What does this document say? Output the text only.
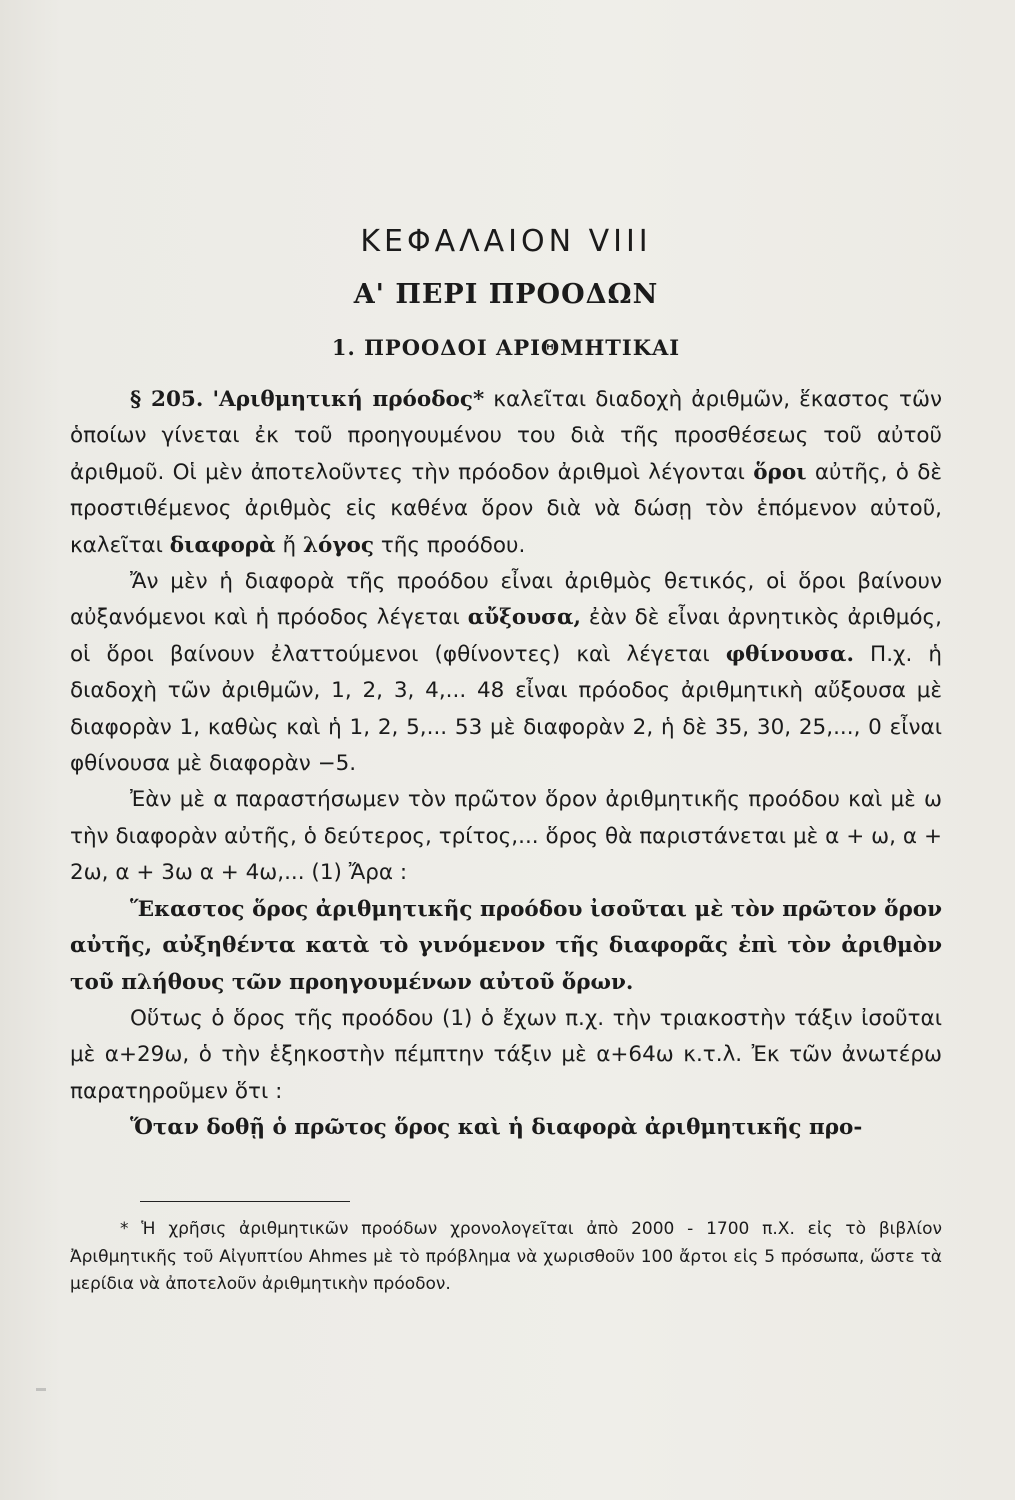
ΚΕΦΑΛΑΙΟΝ VIII
Α' ΠΕΡΙ ΠΡΟΟΔΩΝ
1. ΠΡΟΟΔΟΙ ΑΡΙΘΜΗΤΙΚΑΙ

§ 205. 'Αριθμητική πρόοδος* καλεῖται διαδοχὴ ἀριθμῶν, ἕκαστος τῶν ὁποίων γίνεται ἐκ τοῦ προηγουμένου του διὰ τῆς προσθέσεως τοῦ αὐτοῦ ἀριθμοῦ. Οἱ μὲν ἀποτελοῦντες τὴν πρόοδον ἀριθμοὶ λέγονται ὅροι αὐτῆς, ὁ δὲ προστιθέμενος ἀριθμὸς εἰς καθένα ὅρον διὰ νὰ δώσῃ τὸν ἑπόμενον αὐτοῦ, καλεῖται διαφορὰ ἤ λόγος τῆς προόδου.

Ἄν μὲν ἡ διαφορὰ τῆς προόδου εἶναι ἀριθμὸς θετικός, οἱ ὅροι βαίνουν αὐξανόμενοι καὶ ἡ πρόοδος λέγεται αὔξουσα, ἐὰν δὲ εἶναι ἀρνητικὸς ἀριθμός, οἱ ὅροι βαίνουν ἐλαττούμενοι (φθίνοντες) καὶ λέγεται φθίνουσα. Π.χ. ἡ διαδοχὴ τῶν ἀριθμῶν, 1, 2, 3, 4,... 48 εἶναι πρόοδος ἀριθμητικὴ αὔξουσα μὲ διαφορὰν 1, καθὼς καὶ ἡ 1, 2, 5,... 53 μὲ διαφορὰν 2, ἡ δὲ 35, 30, 25,..., 0 εἶναι φθίνουσα μὲ διαφορὰν −5.

Ἐὰν μὲ α παραστήσωμεν τὸν πρῶτον ὅρον ἀριθμητικῆς προόδου καὶ μὲ ω τὴν διαφορὰν αὐτῆς, ὁ δεύτερος, τρίτος,... ὅρος θὰ παριστάνεται μὲ α + ω, α + 2ω, α + 3ω α + 4ω,... (1) Ἄρα :

Ἕκαστος ὅρος ἀριθμητικῆς προόδου ἰσοῦται μὲ τὸν πρῶτον ὅρον αὐτῆς, αὐξηθέντα κατὰ τὸ γινόμενον τῆς διαφορᾶς ἐπὶ τὸν ἀριθμὸν τοῦ πλήθους τῶν προηγουμένων αὐτοῦ ὅρων.

Οὕτως ὁ ὅρος τῆς προόδου (1) ὁ ἔχων π.χ. τὴν τριακοστὴν τάξιν ἰσοῦται μὲ α+29ω, ὁ τὴν ἑξηκοστὴν πέμπτην τάξιν μὲ α+64ω κ.τ.λ. Ἐκ τῶν ἀνωτέρω παρατηροῦμεν ὅτι :

Ὅταν δοθῇ ὁ πρῶτος ὅρος καὶ ἡ διαφορὰ ἀριθμητικῆς προ-

* Ἡ χρῆσις ἀριθμητικῶν προόδων χρονολογεῖται ἀπὸ 2000 - 1700 π.Χ. εἰς τὸ βιβλίον Ἀριθμητικῆς τοῦ Αἰγυπτίου Ahmes μὲ τὸ πρόβλημα νὰ χωρισθοῦν 100 ἄρτοι εἰς 5 πρόσωπα, ὥστε τὰ μερίδια νὰ ἀποτελοῦν ἀριθμητικὴν πρόοδον.
